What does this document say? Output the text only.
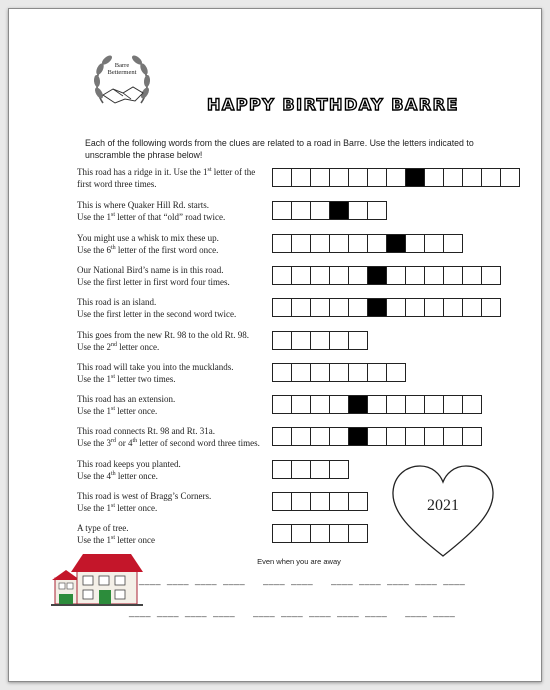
Barre
Betterment
HAPPY BIRTHDAY BARRE
Each of the following words from the clues are related to a road in Barre. Use the letters indicated to unscramble the phrase below!
This road has a ridge in it. Use the 1st letter of the
first word three times.
This is where Quaker Hill Rd. starts.
Use the 1st letter of that “old” road twice.
You might use a whisk to mix these up.
Use the 6th letter of the first word once.
Our National Bird’s name is in this road.
Use the first letter in first word four times.
This road is an island.
Use the first letter in the second word twice.
This goes from the new Rt. 98 to the old Rt. 98.
Use the 2nd letter once.
This road will take you into the mucklands.
Use the 1st letter two times.
This road has an extension.
Use the 1st letter once.
This road connects Rt. 98 and Rt. 31a.
Use the 3rd or 4th letter of second word three times.
This road keeps you planted.
Use the 4th letter once.
This road is west of Bragg’s Corners.
Use the 1st letter once.
A type of tree.
Use the 1st letter once
2021
Even when you are away
____  ____  ____  ____      ____  ____      ____  ____  ____  ____  ____
____  ____  ____  ____      ____  ____  ____  ____  ____      ____  ____
